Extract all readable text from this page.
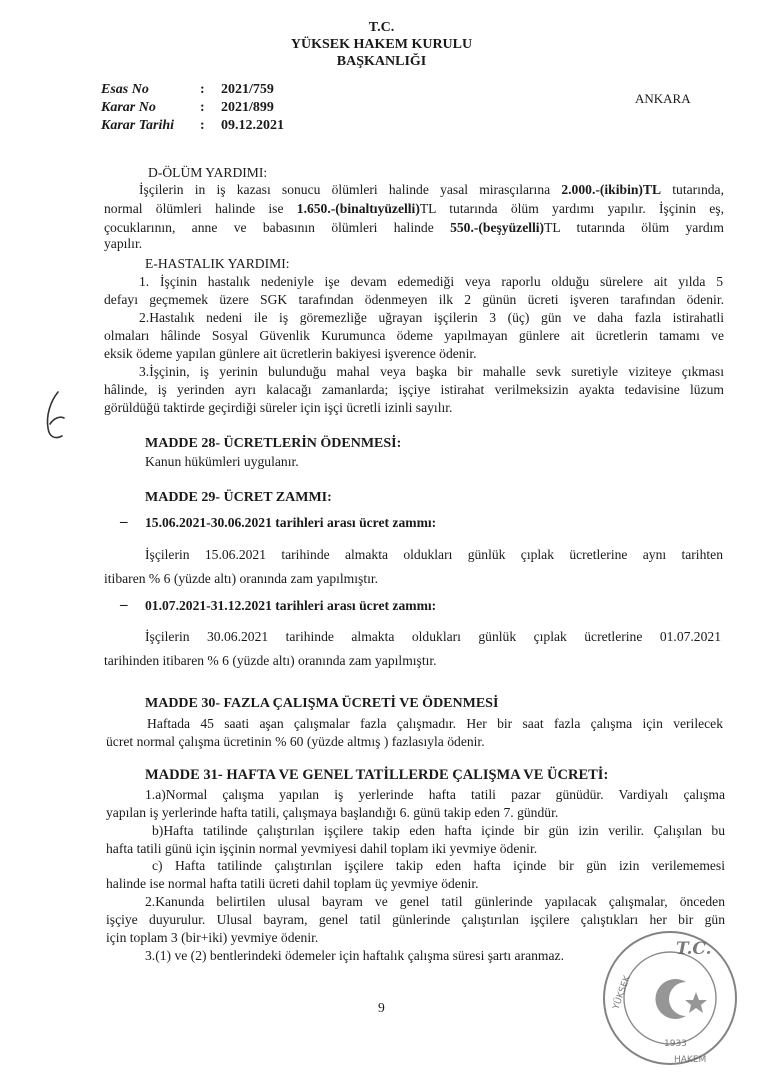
T.C.
YÜKSEK HAKEM KURULU
BAŞKANLIĞI
ANKARA
Esas No	: 2021/759
Karar No	: 2021/899
Karar Tarihi : 09.12.2021
D-ÖLÜM YARDIMI:
İşçilerin in iş kazası sonucu ölümleri halinde yasal mirasçılarına 2.000.-(ikibin)TL tutarında,
normal ölümleri halinde ise 1.650.-(binaltıyüzelli)TL tutarında ölüm yardımı yapılır. İşçinin eş,
çocuklarının, anne ve babasının ölümleri halinde 550.-(beşyüzelli)TL tutarında ölüm yardım
yapılır.
E-HASTALIK YARDIMI:
1. İşçinin hastalık nedeniyle işe devam edemediği veya raporlu olduğu sürelere ait yılda 5
defayı geçmemek üzere SGK tarafından ödenmeyen ilk 2 günün ücreti işveren tarafından ödenir.
2.Hastalık nedeni ile iş göremezliğe uğrayan işçilerin 3 (üç) gün ve daha fazla istirahatli
olmaları hâlinde Sosyal Güvenlik Kurumunca ödeme yapılmayan günlere ait ücretlerin tamamı ve
eksik ödeme yapılan günlere ait ücretlerin bakiyesi işverence ödenir.
3.İşçinin, iş yerinin bulunduğu mahal veya başka bir mahalle sevk suretiyle viziteye çıkması
hâlinde, iş yerinden ayrı kalacağı zamanlarda; işçiye istirahat verilmeksizin ayakta tedavisine lüzum
görüldüğü taktirde geçirdiği süreler için işçi ücretli izinli sayılır.
MADDE 28- ÜCRETLERİN ÖDENMESİ:
Kanun hükümleri uygulanır.
MADDE 29- ÜCRET ZAMMI:
– 15.06.2021-30.06.2021 tarihleri arası ücret zammı:
İşçilerin 15.06.2021 tarihinde almakta oldukları günlük çıplak ücretlerine aynı tarihten
itibaren % 6 (yüzde altı) oranında zam yapılmıştır.
– 01.07.2021-31.12.2021 tarihleri arası ücret zammı:
İşçilerin 30.06.2021 tarihinde almakta oldukları günlük çıplak ücretlerine 01.07.2021
tarihinden itibaren % 6 (yüzde altı) oranında zam yapılmıştır.
MADDE 30- FAZLA ÇALIŞMA ÜCRETİ VE ÖDENMESİ
Haftada 45 saati aşan çalışmalar fazla çalışmadır. Her bir saat fazla çalışma için verilecek
ücret normal çalışma ücretinin % 60 (yüzde altmış ) fazlasıyla ödenir.
MADDE 31- HAFTA VE GENEL TATİLLERDE ÇALIŞMA VE ÜCRETİ:
1.a)Normal çalışma yapılan iş yerlerinde hafta tatili pazar günüdür. Vardiyalı çalışma
yapılan iş yerlerinde hafta tatili, çalışmaya başlandığı 6. günü takip eden 7. gündür.
b)Hafta tatilinde çalıştırılan işçilere takip eden hafta içinde bir gün izin verilir. Çalışılan bu
hafta tatili günü için işçinin normal yevmiyesi dahil toplam iki yevmiye ödenir.
c) Hafta tatilinde çalıştırılan işçilere takip eden hafta içinde bir gün izin verilememesi
halinde ise normal hafta tatili ücreti dahil toplam üç yevmiye ödenir.
2.Kanunda belirtilen ulusal bayram ve genel tatil günlerinde yapılacak çalışmalar, önceden
işçiye duyurulur. Ulusal bayram, genel tatil günlerinde çalıştırılan işçilere çalıştıkları her bir gün
için toplam 3 (bir+iki) yevmiye ödenir.
3.(1) ve (2) bentlerindeki ödemeler için haftalık çalışma süresi şartı aranmaz.	T.C.
1933
YÜKSEK
HAKEM
9
